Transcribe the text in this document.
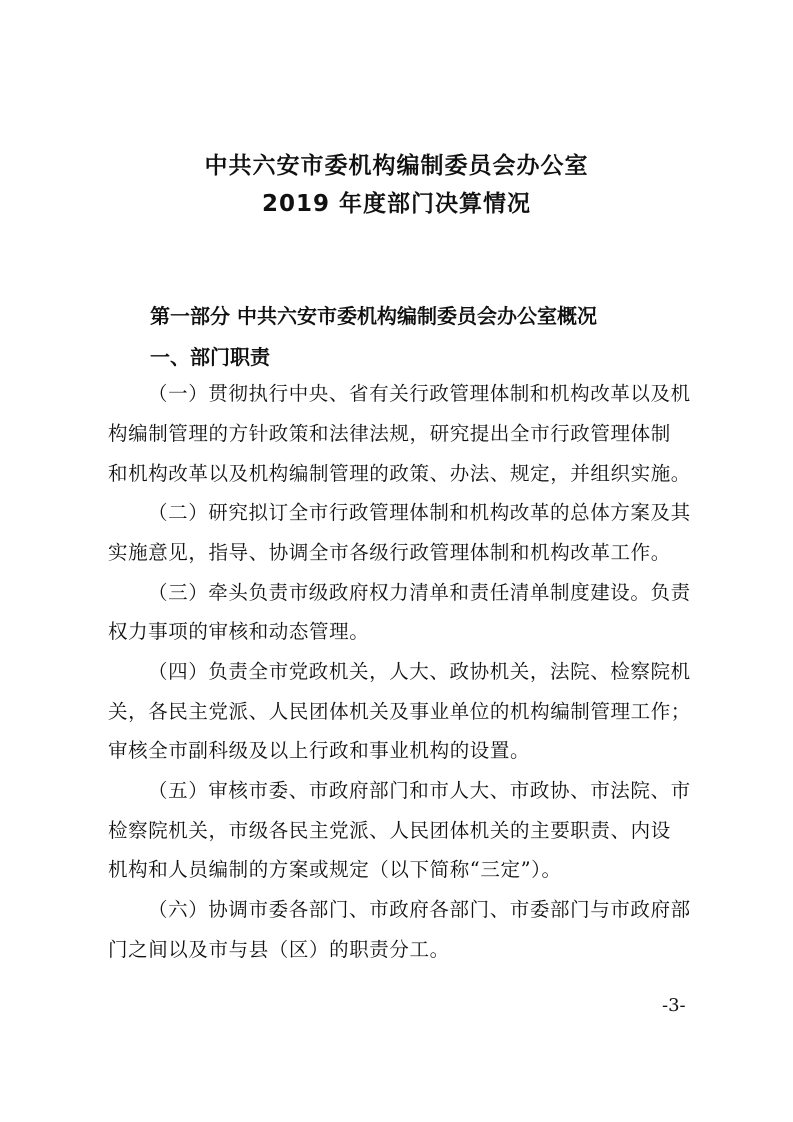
中共六安市委机构编制委员会办公室
2019 年度部门决算情况
第一部分 中共六安市委机构编制委员会办公室概况
一、部门职责
（一）贯彻执行中央、省有关行政管理体制和机构改革以及机
构编制管理的方针政策和法律法规，研究提出全市行政管理体制
和机构改革以及机构编制管理的政策、办法、规定，并组织实施。
（二）研究拟订全市行政管理体制和机构改革的总体方案及其
实施意见，指导、协调全市各级行政管理体制和机构改革工作。
（三）牵头负责市级政府权力清单和责任清单制度建设。负责
权力事项的审核和动态管理。
（四）负责全市党政机关，人大、政协机关，法院、检察院机
关，各民主党派、人民团体机关及事业单位的机构编制管理工作；
审核全市副科级及以上行政和事业机构的设置。
（五）审核市委、市政府部门和市人大、市政协、市法院、市
检察院机关，市级各民主党派、人民团体机关的主要职责、内设
机构和人员编制的方案或规定（以下简称“三定”）。
（六）协调市委各部门、市政府各部门、市委部门与市政府部
门之间以及市与县（区）的职责分工。
-3-
